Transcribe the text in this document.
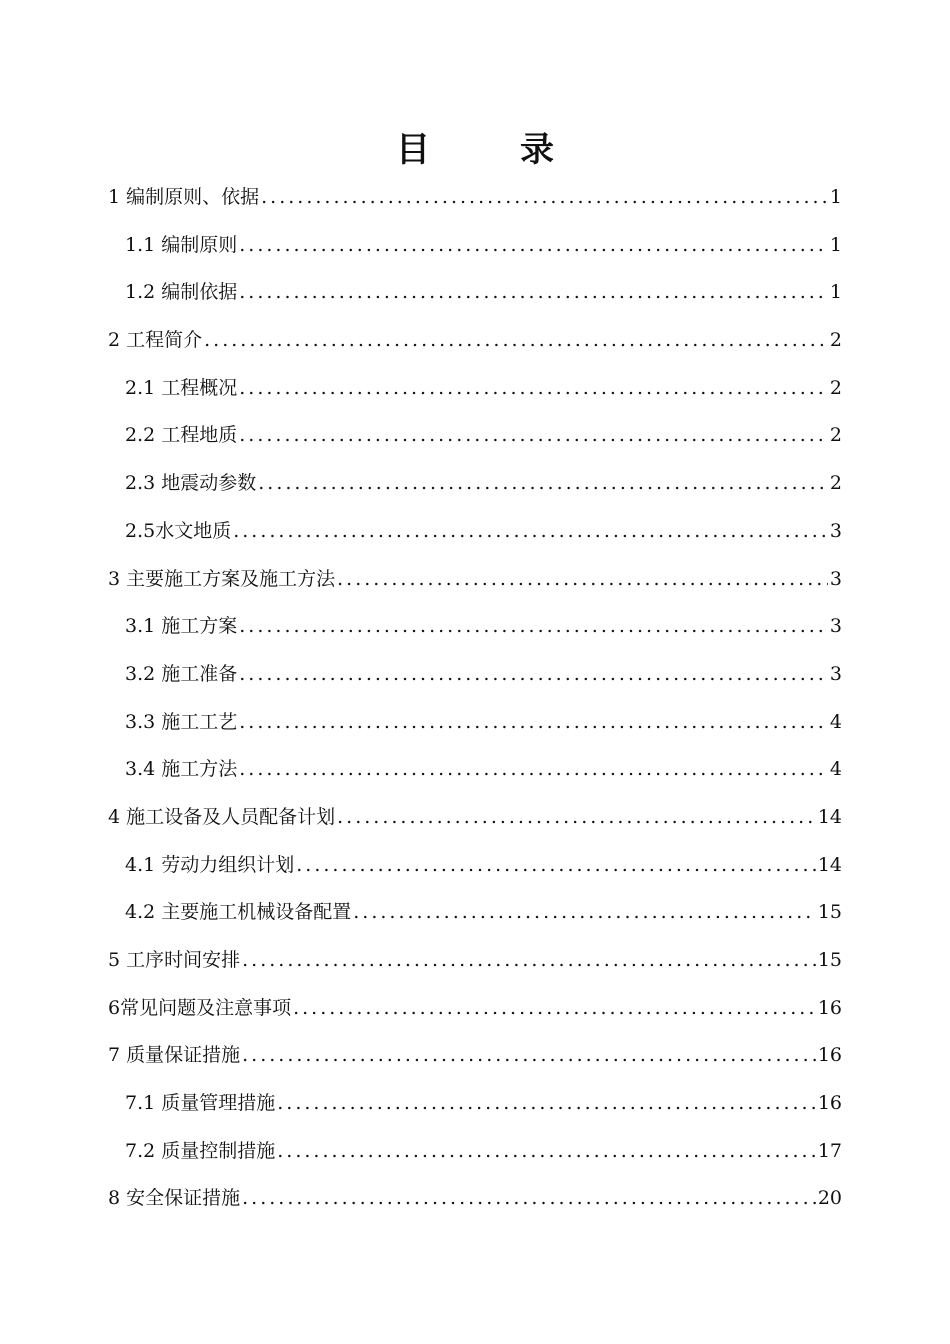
目　录
1 编制原则、依据 .....	1
1.1 编制原则 .....	1
1.2 编制依据 .....	1
2 工程简介 .....	2
2.1 工程概况 .....	2
2.2 工程地质 .....	2
2.3 地震动参数 .....	2
2.5水文地质 .....	3
3 主要施工方案及施工方法 .....	3
3.1 施工方案 .....	3
3.2 施工准备 .....	3
3.3 施工工艺 .....	4
3.4 施工方法 .....	4
4 施工设备及人员配备计划 .....	14
4.1 劳动力组织计划 .....	14
4.2 主要施工机械设备配置 .....	15
5 工序时间安排 .....	15
6常见问题及注意事项 .....	16
7 质量保证措施 .....	16
7.1 质量管理措施 .....	16
7.2 质量控制措施 .....	17
8 安全保证措施 .....	20
